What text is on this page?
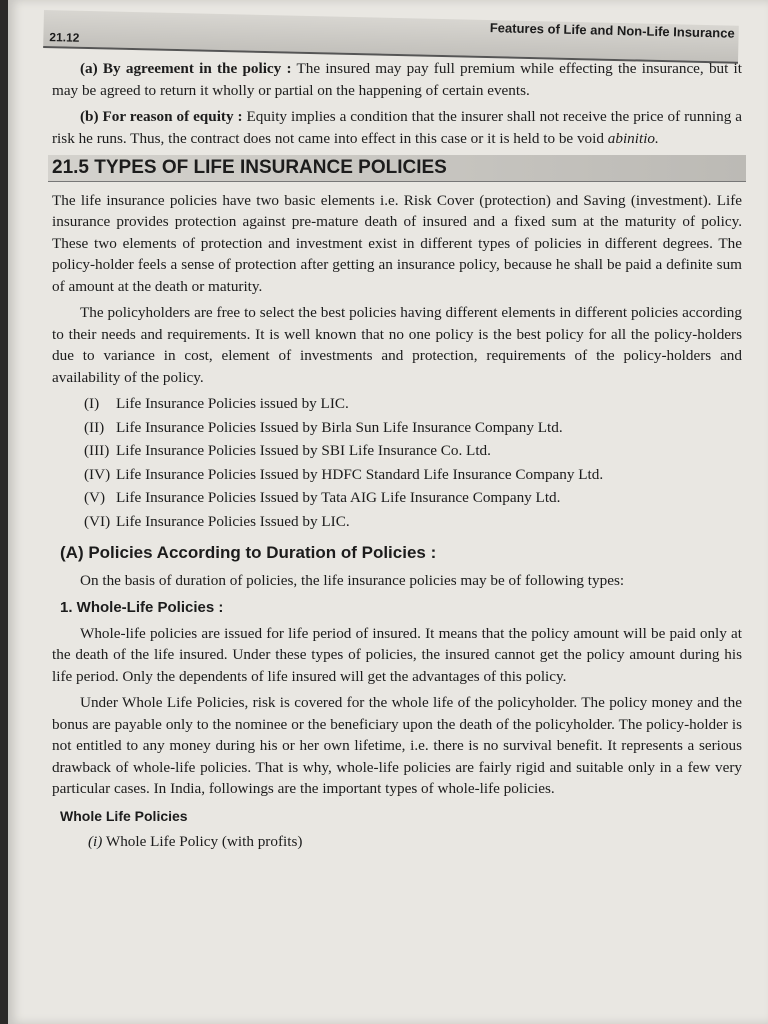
21.12	Features of Life and Non-Life Insurance

(a) By agreement in the policy : The insured may pay full premium while effecting the insurance, but it may be agreed to return it wholly or partial on the happening of certain events.

(b) For reason of equity : Equity implies a condition that the insurer shall not receive the price of running a risk he runs. Thus, the contract does not came into effect in this case or it is held to be void abinitio.

21.5 TYPES OF LIFE INSURANCE POLICIES

The life insurance policies have two basic elements i.e. Risk Cover (protection) and Saving (investment). Life insurance provides protection against pre-mature death of insured and a fixed sum at the maturity of policy. These two elements of protection and investment exist in different types of policies in different degrees. The policy-holder feels a sense of protection after getting an insurance policy, because he shall be paid a definite sum of amount at the death or maturity.

The policyholders are free to select the best policies having different elements in different policies according to their needs and requirements. It is well known that no one policy is the best policy for all the policy-holders due to variance in cost, element of investments and protection, requirements of the policy-holders and availability of the policy.

(I) Life Insurance Policies issued by LIC.
(II) Life Insurance Policies Issued by Birla Sun Life Insurance Company Ltd.
(III) Life Insurance Policies Issued by SBI Life Insurance Co. Ltd.
(IV) Life Insurance Policies Issued by HDFC Standard Life Insurance Company Ltd.
(V) Life Insurance Policies Issued by Tata AIG Life Insurance Company Ltd.
(VI) Life Insurance Policies Issued by LIC.
(A) Policies According to Duration of Policies :

On the basis of duration of policies, the life insurance policies may be of following types:

1. Whole-Life Policies :

Whole-life policies are issued for life period of insured. It means that the policy amount will be paid only at the death of the life insured. Under these types of policies, the insured cannot get the policy amount during his life period. Only the dependents of life insured will get the advantages of this policy.

Under Whole Life Policies, risk is covered for the whole life of the policyholder. The policy money and the bonus are payable only to the nominee or the beneficiary upon the death of the policyholder. The policy-holder is not entitled to any money during his or her own lifetime, i.e. there is no survival benefit. It represents a serious drawback of whole-life policies. That is why, whole-life policies are fairly rigid and suitable only in a few very particular cases. In India, followings are the important types of whole-life policies.

Whole Life Policies

(i) Whole Life Policy (with profits)
